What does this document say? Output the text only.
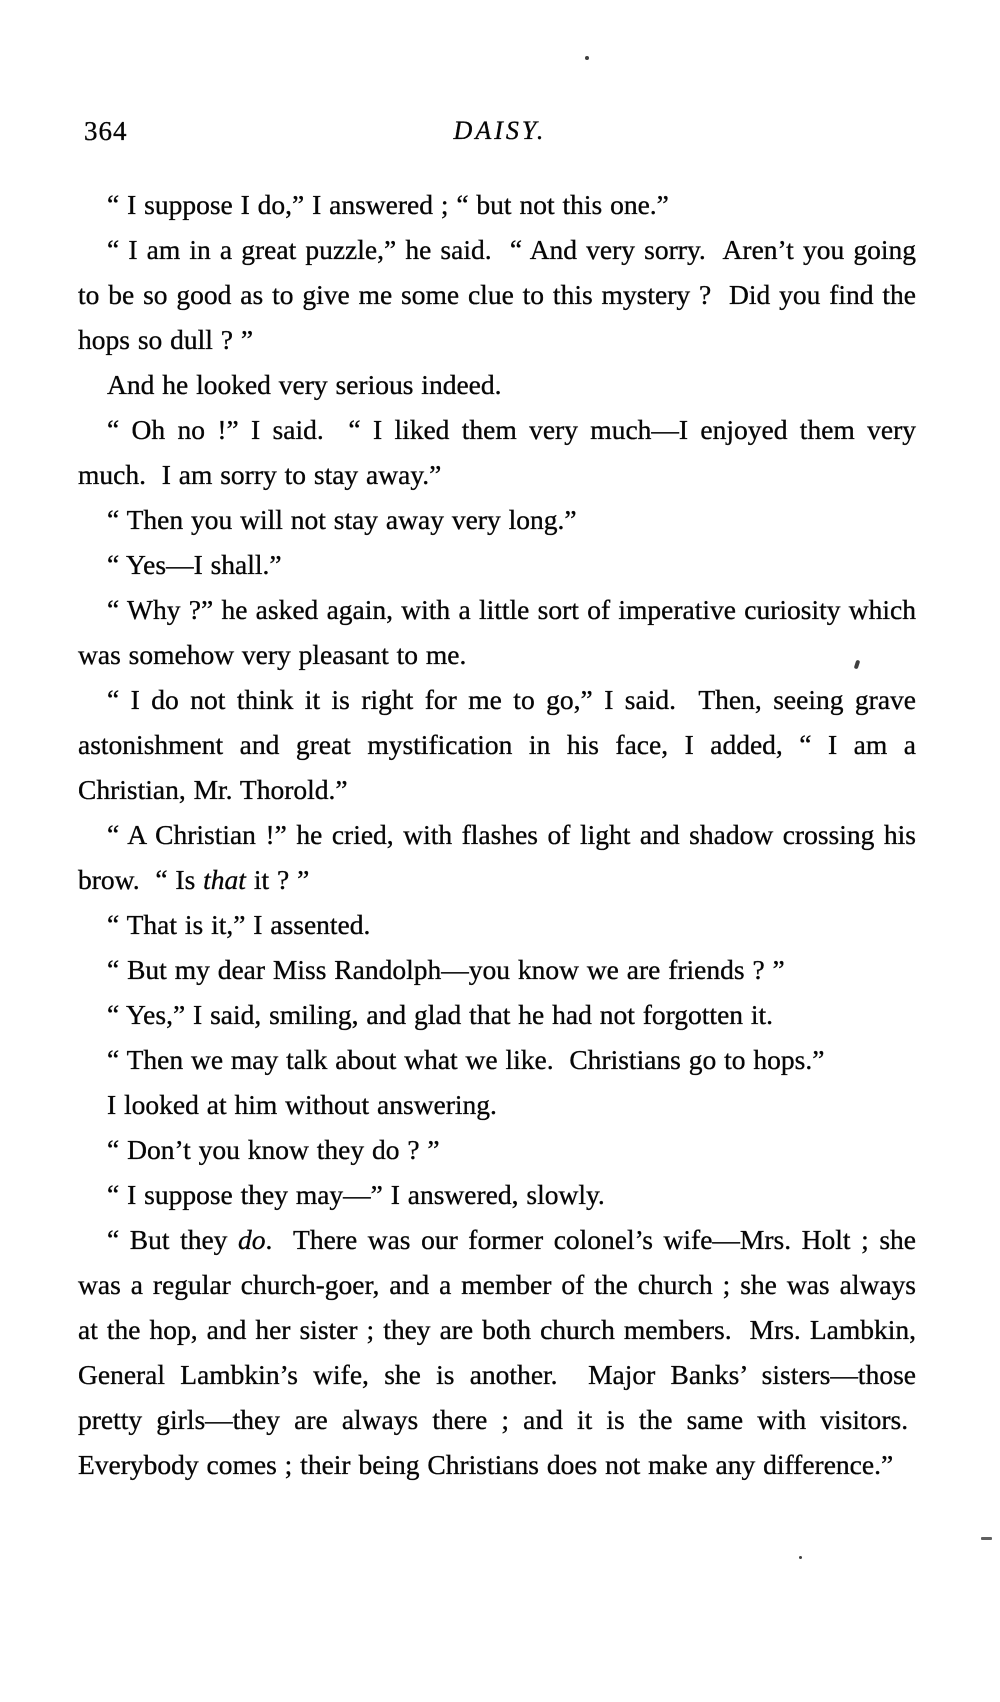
DAISY.
364

“ I suppose I do,” I answered ; “ but not this one.”

“ I am in a great puzzle,” he said.  “ And very sorry.  Aren’t you going to be so good as to give me some clue to this mystery ?  Did you find the hops so dull ? ”

And he looked very serious indeed.

“ Oh no !” I said.  “ I liked them very much—I enjoyed them very much.  I am sorry to stay away.”

“ Then you will not stay away very long.”

“ Yes—I shall.”

“ Why ?” he asked again, with a little sort of imperative curiosity which was somehow very pleasant to me.

“ I do not think it is right for me to go,” I said.  Then, seeing grave astonishment and great mystification in his face, I added, “ I am a Christian, Mr. Thorold.”

“ A Christian !” he cried, with flashes of light and shadow crossing his brow.  “ Is that it ? ”

“ That is it,” I assented.

“ But my dear Miss Randolph—you know we are friends ? ”

“ Yes,” I said, smiling, and glad that he had not forgotten it.

“ Then we may talk about what we like.  Christians go to hops.”

I looked at him without answering.

“ Don’t you know they do ? ”

“ I suppose they may—” I answered, slowly.

“ But they do.  There was our former colonel’s wife—Mrs. Holt ; she was a regular church-goer, and a member of the church ; she was always at the hop, and her sister ; they are both church members.  Mrs. Lambkin, General Lambkin’s wife, she is another.  Major Banks’ sisters—those pretty girls—they are always there ; and it is the same with visitors.  Everybody comes ; their being Christians does not make any difference.”
